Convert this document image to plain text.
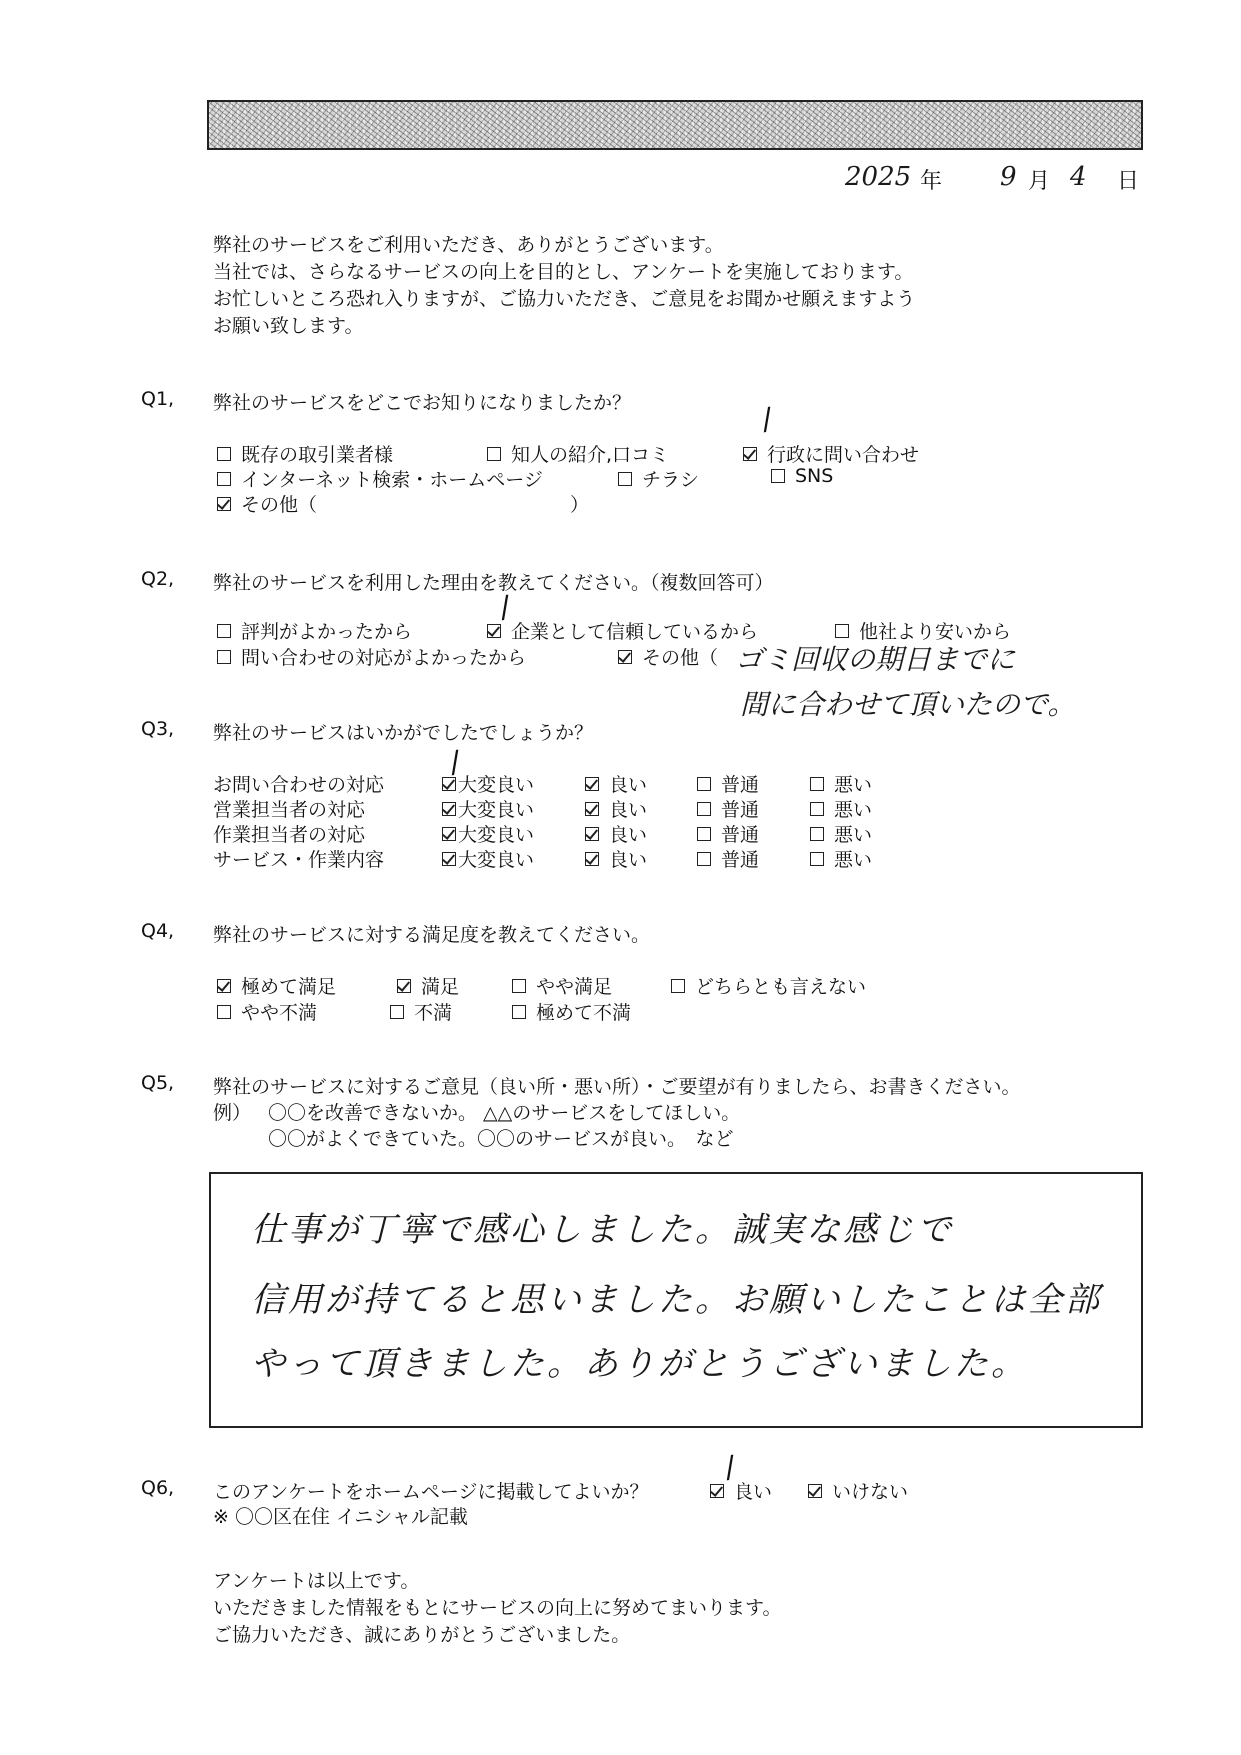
2025 年 9 月 4 日
弊社のサービスをご利用いただき、ありがとうございます。
当社では、さらなるサービスの向上を目的とし、アンケートを実施しております。
お忙しいところ恐れ入りますが、ご協力いただき、ご意見をお聞かせ願えますよう
お願い致します。
Q1, 弊社のサービスをどこでお知りになりましたか？
既存の取引業者様	知人の紹介,口コミ	行政に問い合わせ
/
インターネット検索・ホームページ	チラシ	SNS
その他（	）
Q2, 弊社のサービスを利用した理由を教えてください。（複数回答可）
評判がよかったから	企業として信頼しているから
/
他社より安いから
問い合わせの対応がよかったから	その他（ ゴミ回収の期日までに
間に合わせて頂いたので。
Q3, 弊社のサービスはいかがでしたでしょうか？
/
お問い合わせの対応	大変良い	良い	普通	悪い
営業担当者の対応	大変良い	良い	普通	悪い
作業担当者の対応	大変良い	良い	普通	悪い
サービス・作業内容	大変良い	良い	普通	悪い
Q4, 弊社のサービスに対する満足度を教えてください。
極めて満足	満足	やや満足	どちらとも言えない
やや不満	不満	極めて不満
Q5, 弊社のサービスに対するご意見（良い所・悪い所）・ご要望が有りましたら、お書きください。
例） 〇〇を改善できないか。 △△のサービスをしてほしい。
〇〇がよくできていた。〇〇のサービスが良い。　など
仕事が丁寧で感心しました。誠実な感じで
信用が持てると思いました。お願いしたことは全部
やって頂きました。ありがとうございました。
Q6, このアンケートをホームページに掲載してよいか？	良い
/
いけない
※ 〇〇区在住 イニシャル記載
アンケートは以上です。
いただきました情報をもとにサービスの向上に努めてまいります。
ご協力いただき、誠にありがとうございました。
